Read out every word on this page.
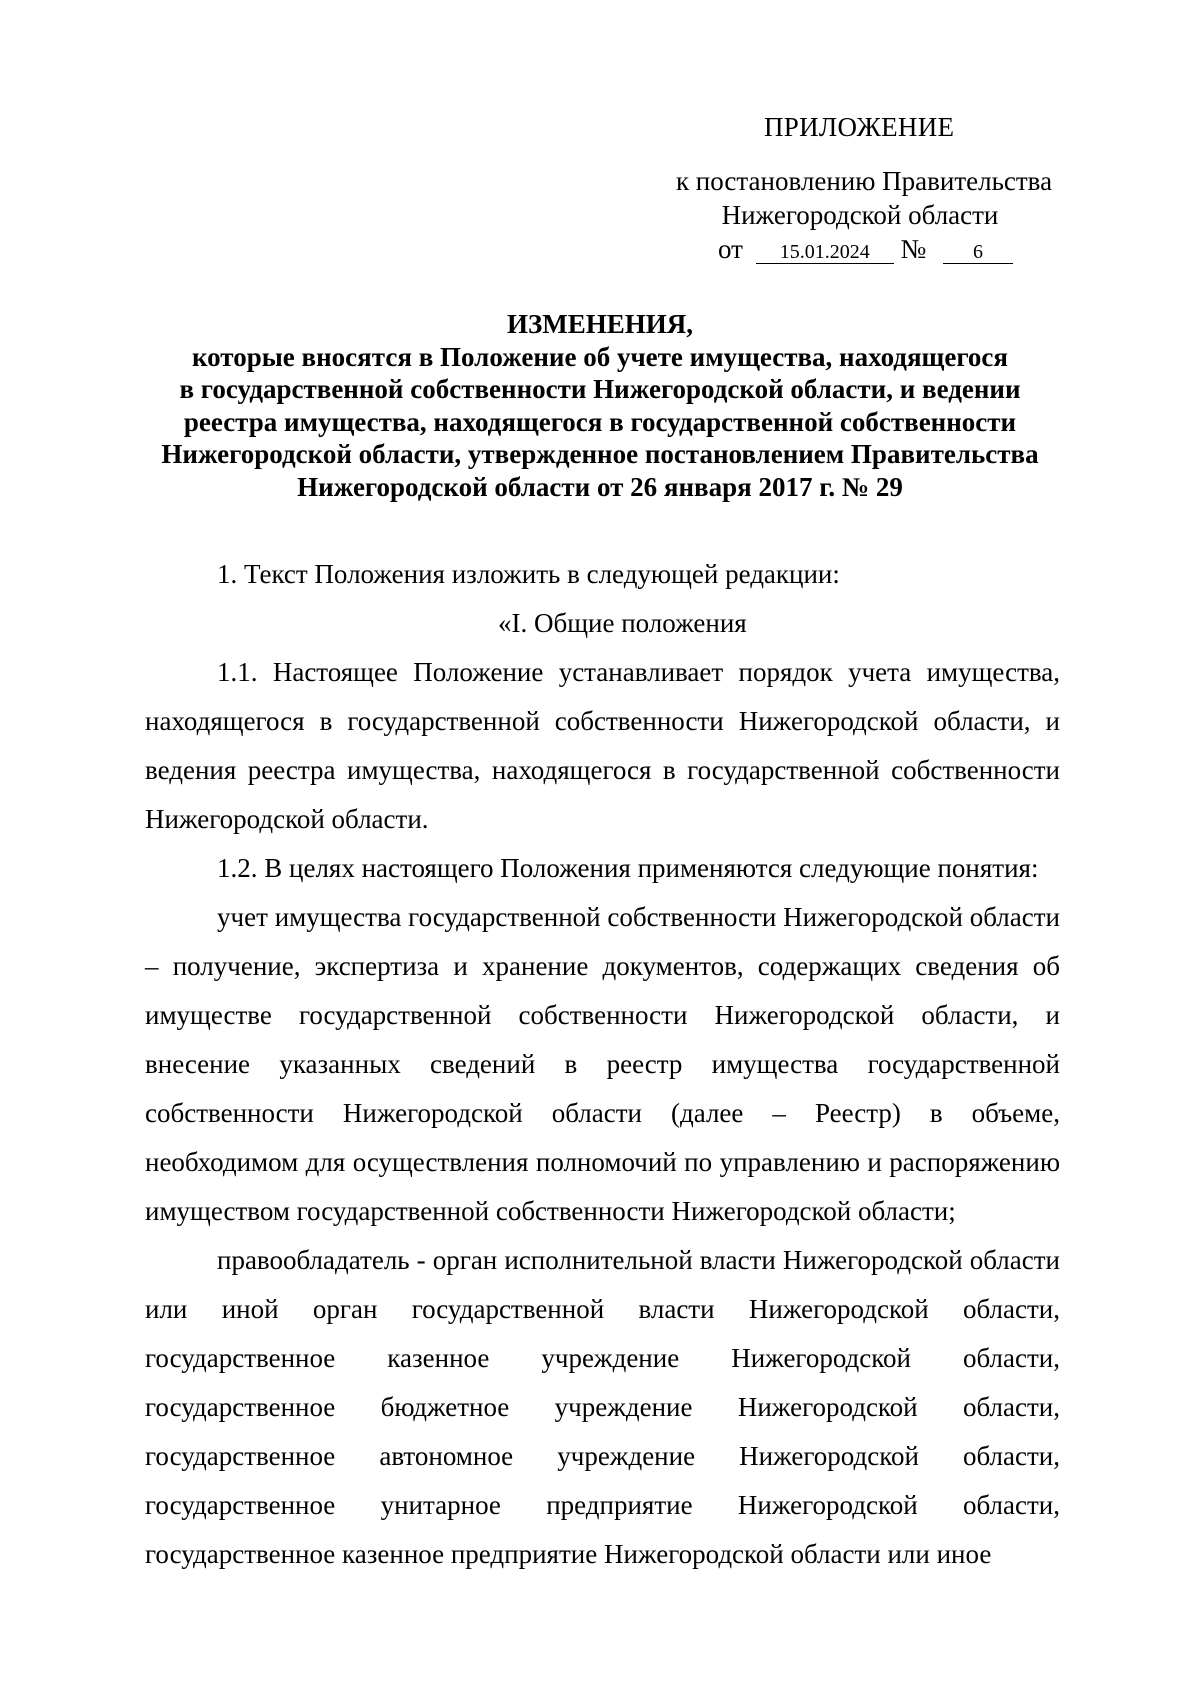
ПРИЛОЖЕНИЕ
к постановлению Правительства
Нижегородской области
от 15.01.2024 № 6
ИЗМЕНЕНИЯ,
которые вносятся в Положение об учете имущества, находящегося
в государственной собственности Нижегородской области, и ведении
реестра имущества, находящегося в государственной собственности
Нижегородской области, утвержденное постановлением Правительства
Нижегородской области от 26 января 2017 г. № 29

1. Текст Положения изложить в следующей редакции:

«I. Общие положения

1.1. Настоящее Положение устанавливает порядок учета имущества, находящегося в государственной собственности Нижегородской области, и ведения реестра имущества, находящегося в государственной собственности Нижегородской области.

1.2. В целях настоящего Положения применяются следующие понятия:

учет имущества государственной собственности Нижегородской области – получение, экспертиза и хранение документов, содержащих сведения об имуществе государственной собственности Нижегородской области, и внесение указанных сведений в реестр имущества государственной собственности Нижегородской области (далее – Реестр) в объеме, необходимом для осуществления полномочий по управлению и распоряжению имуществом государственной собственности Нижегородской области;

правообладатель - орган исполнительной власти Нижегородской области или иной орган государственной власти Нижегородской области, государственное казенное учреждение Нижегородской области, государственное бюджетное учреждение Нижегородской области, государственное автономное учреждение Нижегородской области, государственное унитарное предприятие Нижегородской области, государственное казенное предприятие Нижегородской области или иное
